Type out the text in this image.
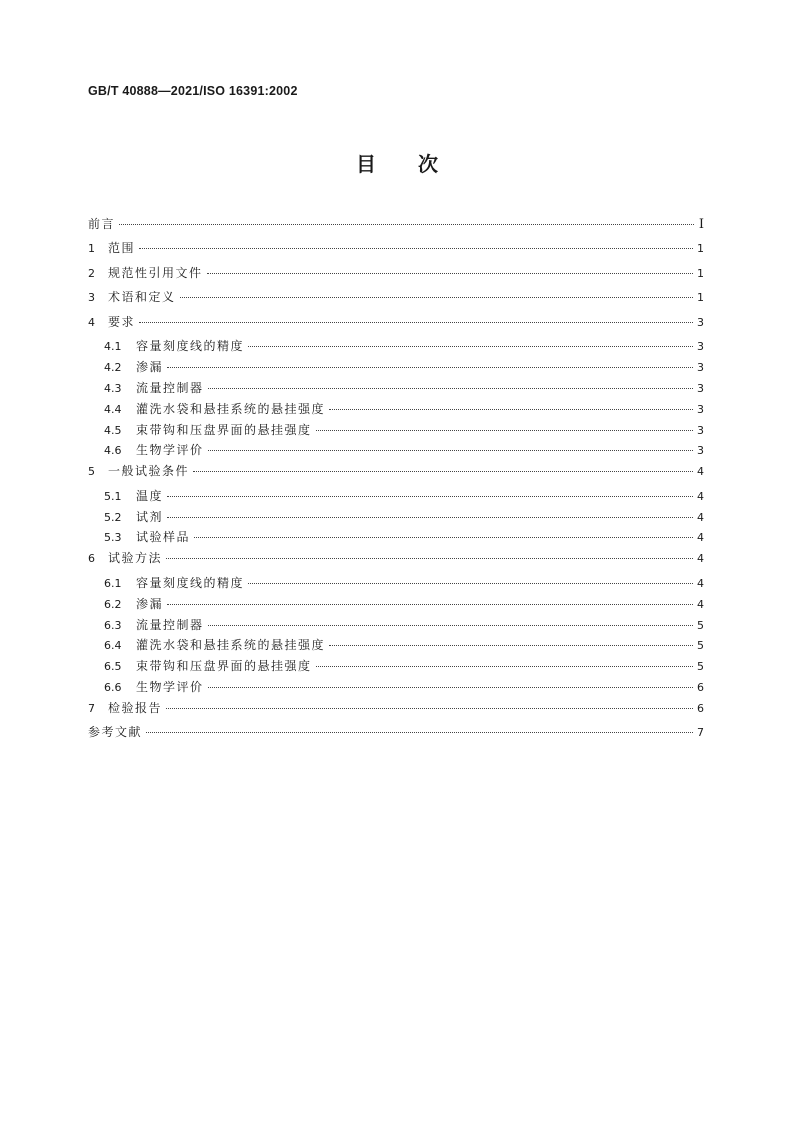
GB/T 40888—2021/ISO 16391:2002
目 次
前言	I
1	范围	1
2	规范性引用文件	1
3	术语和定义	1
4	要求	3
4.1	容量刻度线的精度	3
4.2	渗漏	3
4.3	流量控制器	3
4.4	灌洗水袋和悬挂系统的悬挂强度	3
4.5	束带钩和压盘界面的悬挂强度	3
4.6	生物学评价	3
5	一般试验条件	4
5.1	温度	4
5.2	试剂	4
5.3	试验样品	4
6	试验方法	4
6.1	容量刻度线的精度	4
6.2	渗漏	4
6.3	流量控制器	5
6.4	灌洗水袋和悬挂系统的悬挂强度	5
6.5	束带钩和压盘界面的悬挂强度	5
6.6	生物学评价	6
7	检验报告	6
参考文献	7
